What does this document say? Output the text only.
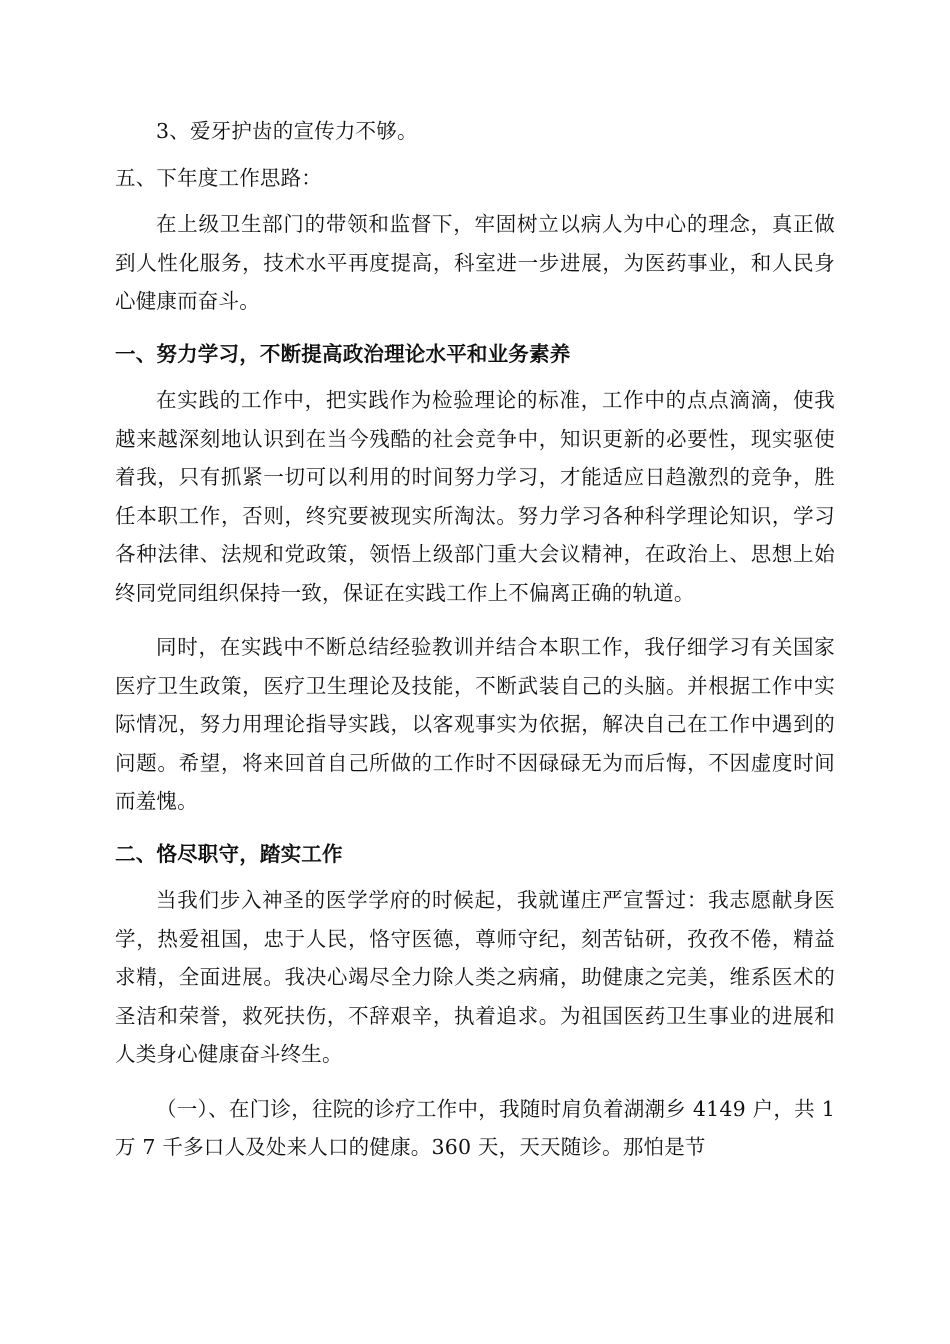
3、爱牙护齿的宣传力不够。

五、下年度工作思路：

在上级卫生部门的带领和监督下，牢固树立以病人为中心的理念，真正做到人性化服务，技术水平再度提高，科室进一步进展，为医药事业，和人民身心健康而奋斗。

一、努力学习，不断提高政治理论水平和业务素养

在实践的工作中，把实践作为检验理论的标准，工作中的点点滴滴，使我越来越深刻地认识到在当今残酷的社会竞争中，知识更新的必要性，现实驱使着我，只有抓紧一切可以利用的时间努力学习，才能适应日趋激烈的竞争，胜任本职工作，否则，终究要被现实所淘汰。努力学习各种科学理论知识，学习各种法律、法规和党政策，领悟上级部门重大会议精神，在政治上、思想上始终同党同组织保持一致，保证在实践工作上不偏离正确的轨道。

同时，在实践中不断总结经验教训并结合本职工作，我仔细学习有关国家医疗卫生政策，医疗卫生理论及技能，不断武装自己的头脑。并根据工作中实际情况，努力用理论指导实践，以客观事实为依据，解决自己在工作中遇到的问题。希望，将来回首自己所做的工作时不因碌碌无为而后悔，不因虚度时间而羞愧。

二、恪尽职守，踏实工作

当我们步入神圣的医学学府的时候起，我就谨庄严宣誓过：我志愿献身医学，热爱祖国，忠于人民，恪守医德，尊师守纪，刻苦钻研，孜孜不倦，精益求精，全面进展。我决心竭尽全力除人类之病痛，助健康之完美，维系医术的圣洁和荣誉，救死扶伤，不辞艰辛，执着追求。为祖国医药卫生事业的进展和人类身心健康奋斗终生。

（一）、在门诊，往院的诊疗工作中，我随时肩负着湖潮乡 4149 户，共 1 万 7 千多口人及处来人口的健康。360 天，天天随诊。那怕是节
